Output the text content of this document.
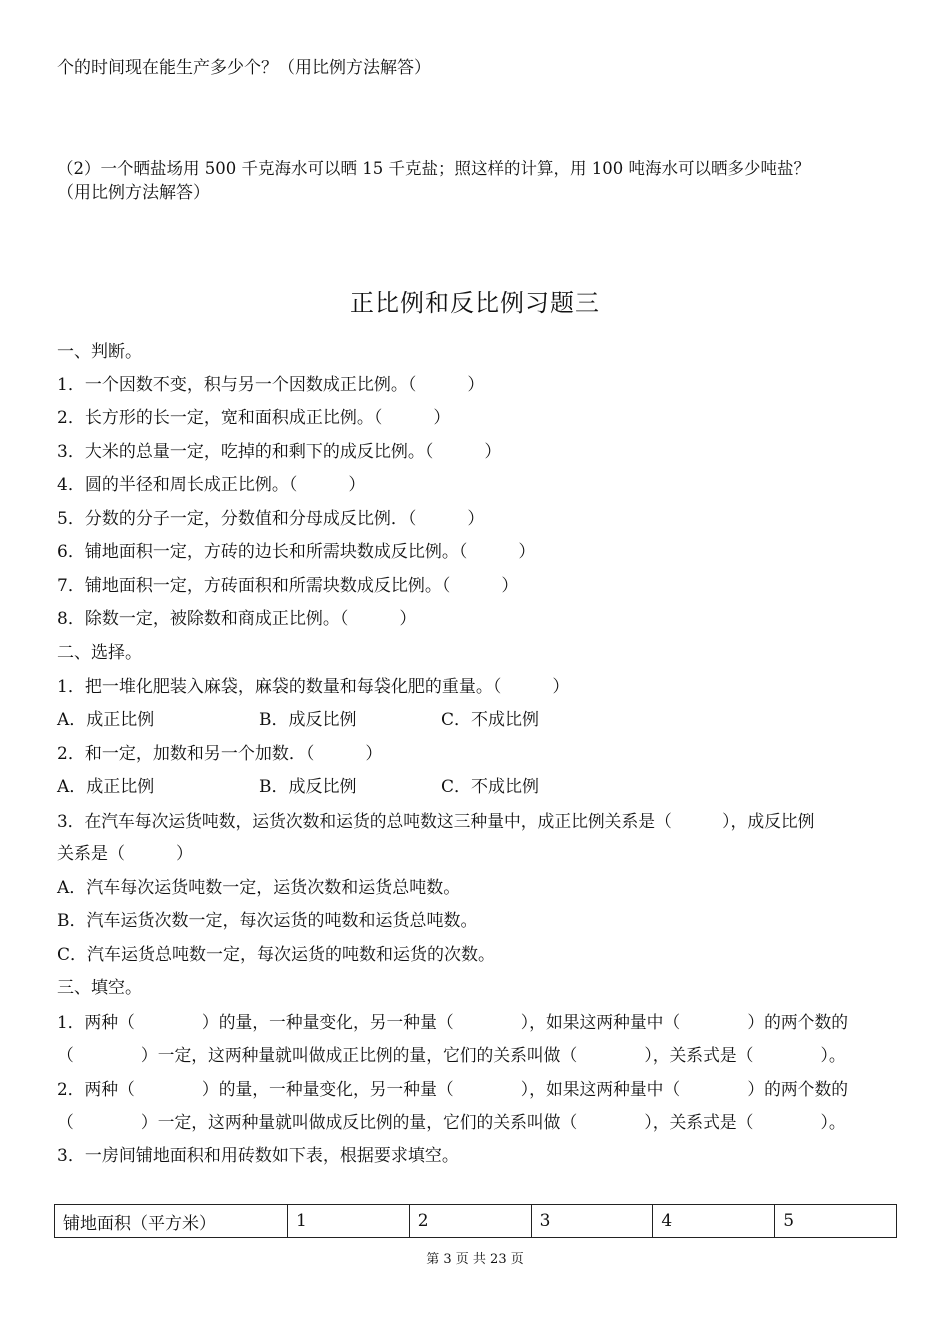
个的时间现在能生产多少个？（用比例方法解答）
（2）一个晒盐场用 500 千克海水可以晒 15 千克盐；照这样的计算，用 100 吨海水可以晒多少吨盐？
（用比例方法解答）
正比例和反比例习题三
一、判断。
1．一个因数不变，积与另一个因数成正比例。（　　　）
2．长方形的长一定，宽和面积成正比例。（　　　）
3．大米的总量一定，吃掉的和剩下的成反比例。（　　　）
4．圆的半径和周长成正比例。（　　　）
5．分数的分子一定，分数值和分母成反比例．（　　　）
6．铺地面积一定，方砖的边长和所需块数成反比例。（　　　）
7．铺地面积一定，方砖面积和所需块数成反比例。（　　　）
8．除数一定，被除数和商成正比例。（　　　）
二、选择。
1．把一堆化肥装入麻袋，麻袋的数量和每袋化肥的重量。（　　　）
A．成正比例	B．成反比例	C．不成比例
2．和一定，加数和另一个加数．（　　　）
A．成正比例	B．成反比例	C．不成比例
3．在汽车每次运货吨数，运货次数和运货的总吨数这三种量中，成正比例关系是（　　　），成反比例
关系是（　　　）
A．汽车每次运货吨数一定，运货次数和运货总吨数。
B．汽车运货次数一定，每次运货的吨数和运货总吨数。
C．汽车运货总吨数一定，每次运货的吨数和运货的次数。
三、填空。
1．两种（　　　　）的量，一种量变化，另一种量（　　　　），如果这两种量中（　　　　）的两个数的
（　　　　）一定，这两种量就叫做成正比例的量，它们的关系叫做（　　　　），关系式是（　　　　）。
2．两种（　　　　）的量，一种量变化，另一种量（　　　　），如果这两种量中（　　　　）的两个数的
（　　　　）一定，这两种量就叫做成反比例的量，它们的关系叫做（　　　　），关系式是（　　　　）。
3．一房间铺地面积和用砖数如下表，根据要求填空。
铺地面积（平方米）	1	2	3	4	5
第 3 页 共 23 页
